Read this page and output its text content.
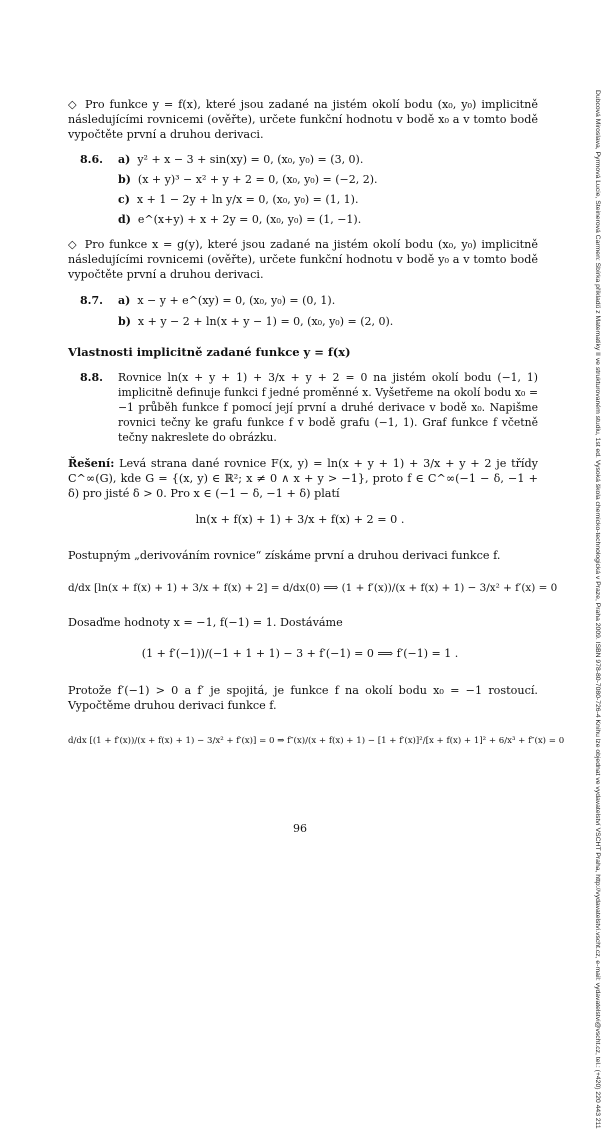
◇ Pro funkce y = f(x), které jsou zadané na jistém okolí bodu (x₀, y₀) implicitně následujícími rovnicemi (ověřte), určete funkční hodnotu v bodě x₀ a v tomto bodě vypočtěte první a druhou derivaci.
8.6. a) y² + x − 3 + sin(xy) = 0, (x₀, y₀) = (3, 0).
b) (x + y)³ − x² + y + 2 = 0, (x₀, y₀) = (−2, 2).
c) x + 1 − 2y + ln y/x = 0, (x₀, y₀) = (1, 1).
d) e^(x+y) + x + 2y = 0, (x₀, y₀) = (1, −1).
◇ Pro funkce x = g(y), které jsou zadané na jistém okolí bodu (x₀, y₀) implicitně následujícími rovnicemi (ověřte), určete funkční hodnotu v bodě y₀ a v tomto bodě vypočtěte první a druhou derivaci.
8.7. a) x − y + e^(xy) = 0, (x₀, y₀) = (0, 1).
b) x + y − 2 + ln(x + y − 1) = 0, (x₀, y₀) = (2, 0).
Vlastnosti implicitně zadané funkce y = f(x)
8.8. Rovnice ln(x + y + 1) + 3/x + y + 2 = 0 na jistém okolí bodu (−1, 1) implicitně definuje funkci f jedné proměnné x. Vyšetřeme na okolí bodu x₀ = −1 průběh funkce f pomocí její první a druhé derivace v bodě x₀. Napišme rovnici tečny ke grafu funkce f v bodě grafu (−1, 1). Graf funkce f včetně tečny nakreslete do obrázku.
Řešení: Levá strana dané rovnice F(x, y) = ln(x + y + 1) + 3/x + y + 2 je třídy C^∞(G), kde G = {(x, y) ∈ ℝ²; x ≠ 0 ∧ x + y > −1}, proto f ∈ C^∞(−1 − δ, −1 + δ) pro jisté δ > 0. Pro x ∈ (−1 − δ, −1 + δ) platí
ln(x + f(x) + 1) + 3/x + f(x) + 2 = 0 .
Postupným „derivováním rovnice“ získáme první a druhou derivaci funkce f.
d/dx [ln(x + f(x) + 1) + 3/x + f(x) + 2] = d/dx(0) ⟹ (1 + f′(x))/(x + f(x) + 1) − 3/x² + f′(x) = 0
Dosaďme hodnoty x = −1, f(−1) = 1. Dostáváme
(1 + f′(−1))/(−1 + 1 + 1) − 3 + f′(−1) = 0 ⟹ f′(−1) = 1 .
Protože f′(−1) > 0 a f′ je spojitá, je funkce f na okolí bodu x₀ = −1 rostoucí. Vypočtěme druhou derivaci funkce f.
d/dx [(1 + f′(x))/(x + f(x) + 1) − 3/x² + f′(x)] = 0 ⇒ f″(x)/(x + f(x) + 1) − [1 + f′(x)]²/[x + f(x) + 1]² + 6/x³ + f″(x) = 0
96	Dubcová Miroslava, Pyrmová Lucie, Steinerová Carmen: Sbírka příkladů z Matematiky II ve strukturovaném studiu, 1st ed. Vysoká škola chemicko-technologická v Praze, Praha 2009. ISBN 978-80-7080-726-4 Knihu lze objednat ve vydavatelství VŠCHT Praha, http://vydavatelstvi.vscht.cz, e-mail: vydavatelstvi@vscht.cz, tel.: (+420) 220 443 211
